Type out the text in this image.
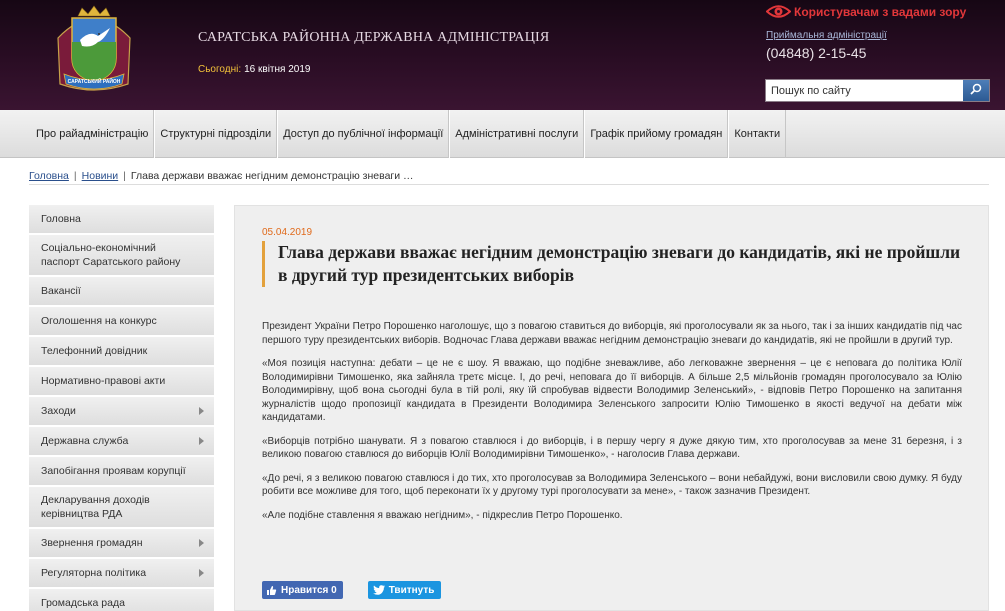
САРАТСЬКИЙ РАЙОН
САРАТСЬКА РАЙОННА ДЕРЖАВНА АДМІНІСТРАЦІЯ
Сьогодні: 16 квітня 2019
Користувачам з вадами зору
Приймальня адміністрації
(04848) 2-15-45
Пошук по сайту
Про райадміністрацію	Структурні підрозділи	Доступ до публічної інформації	Адміністративні послуги	Графік прийому громадян	Контакти
Головна | Новини | Глава держави вважає негідним демонстрацію зневаги …
Головна
Соціально-економічний паспорт Саратського району
Вакансії
Оголошення на конкурс
Телефонний довідник
Нормативно-правові акти
Заходи
Державна служба
Запобігання проявам корупції
Декларування доходів керівництва РДА
Звернення громадян
Регуляторна політика
Громадська рада
05.04.2019
Глава держави вважає негідним демонстрацію зневаги до кандидатів, які не пройшли в другий тур президентських виборів

Президент України Петро Порошенко наголошує, що з повагою ставиться до виборців, які проголосували як за нього, так і за інших кандидатів під час першого туру президентських виборів. Водночас Глава держави вважає негідним демонстрацію зневаги до кандидатів, які не пройшли в другий тур.

«Моя позиція наступна: дебати – це не є шоу. Я вважаю, що подібне зневажливе, або легковажне звернення – це є неповага до політика Юлії Володимирівни Тимошенко, яка зайняла третє місце. І, до речі, неповага до її виборців. А більше 2,5 мільйонів громадян проголосувало за Юлію Володимирівну, щоб вона сьогодні була в тій ролі, яку їй спробував відвести Володимир Зеленський», - відповів Петро Порошенко на запитання журналістів щодо пропозиції кандидата в Президенти Володимира Зеленського запросити Юлію Тимошенко в якості ведучої на дебати між кандидатами.

«Виборців потрібно шанувати. Я з повагою ставлюся і до виборців, і в першу чергу я дуже дякую тим, хто проголосував за мене 31 березня, і з великою повагою ставлюся до виборців Юлії Володимирівни Тимошенко», - наголосив Глава держави.

«До речі, я з великою повагою ставлюся і до тих, хто проголосував за Володимира Зеленського – вони небайдужі, вони висловили свою думку. Я буду робити все можливе для того, щоб переконати їх у другому турі проголосувати за мене», - також зазначив Президент.

«Але подібне ставлення я вважаю негідним», - підкреслив Петро Порошенко.

Нравится 0	Твитнуть
